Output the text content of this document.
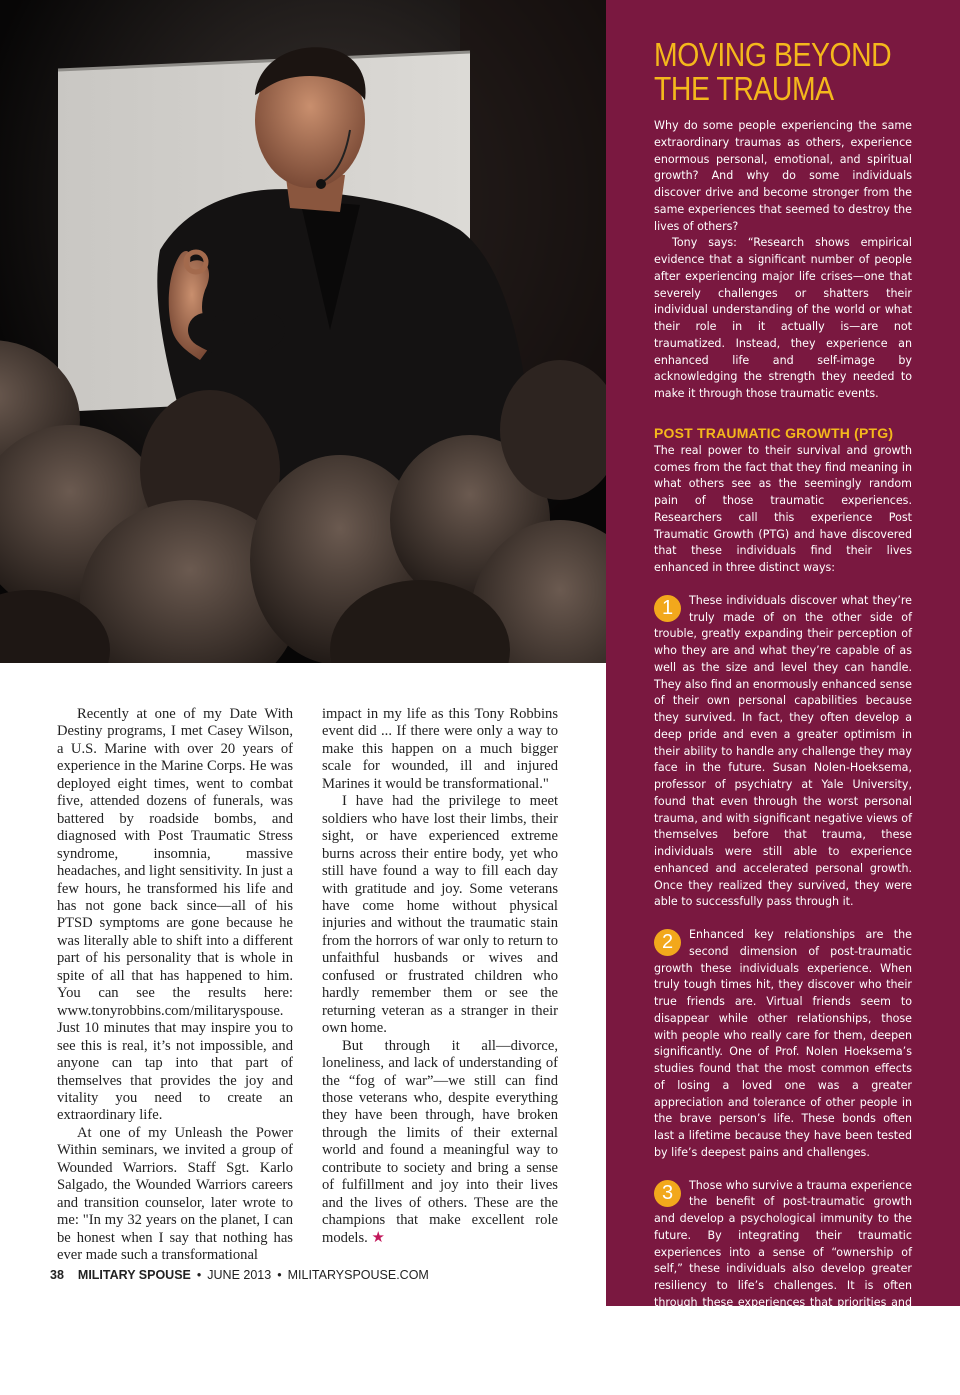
Recently at one of my Date With Destiny programs, I met Casey Wilson, a U.S. Marine with over 20 years of experience in the Marine Corps. He was deployed eight times, went to combat five, attended dozens of funerals, was battered by roadside bombs, and diagnosed with Post Traumatic Stress syndrome, insomnia, massive headaches, and light sensitivity. In just a few hours, he transformed his life and has not gone back since—all of his PTSD symptoms are gone because he was literally able to shift into a different part of his personality that is whole in spite of all that has happened to him. You can see the results here: www.tonyrobbins.com/militaryspouse. Just 10 minutes that may inspire you to see this is real, it’s not impossible, and anyone can tap into that part of themselves that provides the joy and vitality you need to create an extraordinary life.

At one of my Unleash the Power Within seminars, we invited a group of Wounded Warriors. Staff Sgt. Karlo Salgado, the Wounded Warriors careers and transition counselor, later wrote to me: "In my 32 years on the planet, I can be honest when I say that nothing has ever made such a transformational

impact in my life as this Tony Robbins event did ... If there were only a way to make this happen on a much bigger scale for wounded, ill and injured Marines it would be transformational."

I have had the privilege to meet soldiers who have lost their limbs, their sight, or have experienced extreme burns across their entire body, yet who still have found a way to fill each day with gratitude and joy. Some veterans have come home without physical injuries and without the traumatic stain from the horrors of war only to return to unfaithful husbands or wives and confused or frustrated children who hardly remember them or see the returning veteran as a stranger in their own home.

But through it all—divorce, loneliness, and lack of understanding of the “fog of war”—we still can find those veterans who, despite everything they have been through, have broken through the limits of their external world and found a meaningful way to contribute to society and bring a sense of fulfillment and joy into their lives and the lives of others. These are the champions that make excellent role models. ★

38 MILITARY SPOUSE • JUNE 2013 • MILITARYSPOUSE.COM
MOVING BEYOND
THE TRAUMA

Why do some people experiencing the same extraordinary traumas as others, experience enormous personal, emotional, and spiritual growth? And why do some individuals discover drive and become stronger from the same experiences that seemed to destroy the lives of others?

Tony says: “Research shows empirical evidence that a significant number of people after experiencing major life crises—one that severely challenges or shatters their individual understanding of the world or what their role in it actually is—are not traumatized. Instead, they experience an enhanced life and self-image by acknowledging the strength they needed to make it through those traumatic events.

POST TRAUMATIC GROWTH (PTG)

The real power to their survival and growth comes from the fact that they find meaning in what others see as the seemingly random pain of those traumatic experiences. Researchers call this experience Post Traumatic Growth (PTG) and have discovered that these individuals find their lives enhanced in three distinct ways:

1	These individuals discover what they’re truly made of on the other side of trouble, greatly expanding their perception of who they are and what they’re capable of as well as the size and level they can handle. They also find an enormously enhanced sense of their own personal capabilities because they survived. In fact, they often develop a deep pride and even a greater optimism in their ability to handle any challenge they may face in the future. Susan Nolen-Hoeksema, professor of psychiatry at Yale University, found that even through the worst personal trauma, and with significant negative views of themselves before that trauma, these individuals were still able to experience enhanced and accelerated personal growth. Once they realized they survived, they were able to successfully pass through it.

2	Enhanced key relationships are the second dimension of post-traumatic growth these individuals experience. When truly tough times hit, they discover who their true friends are. Virtual friends seem to disappear while other relationships, those with people who really care for them, deepen significantly. One of Prof. Nolen Hoeksema’s studies found that the most common effects of losing a loved one was a greater appreciation and tolerance of other people in the brave person’s life. These bonds often last a lifetime because they have been tested by life’s deepest pains and challenges.

3	Those who survive a trauma experience the benefit of post-traumatic growth and develop a psychological immunity to the future. By integrating their traumatic experiences into a sense of “ownership of self,” these individuals also develop greater resiliency to life’s challenges. It is often through these experiences that priorities and philosophies about their current life are changed, allowing them to feel more certain that they can face the future—work and taxes can seem very small especially after facing life and death circumstances day after day.
